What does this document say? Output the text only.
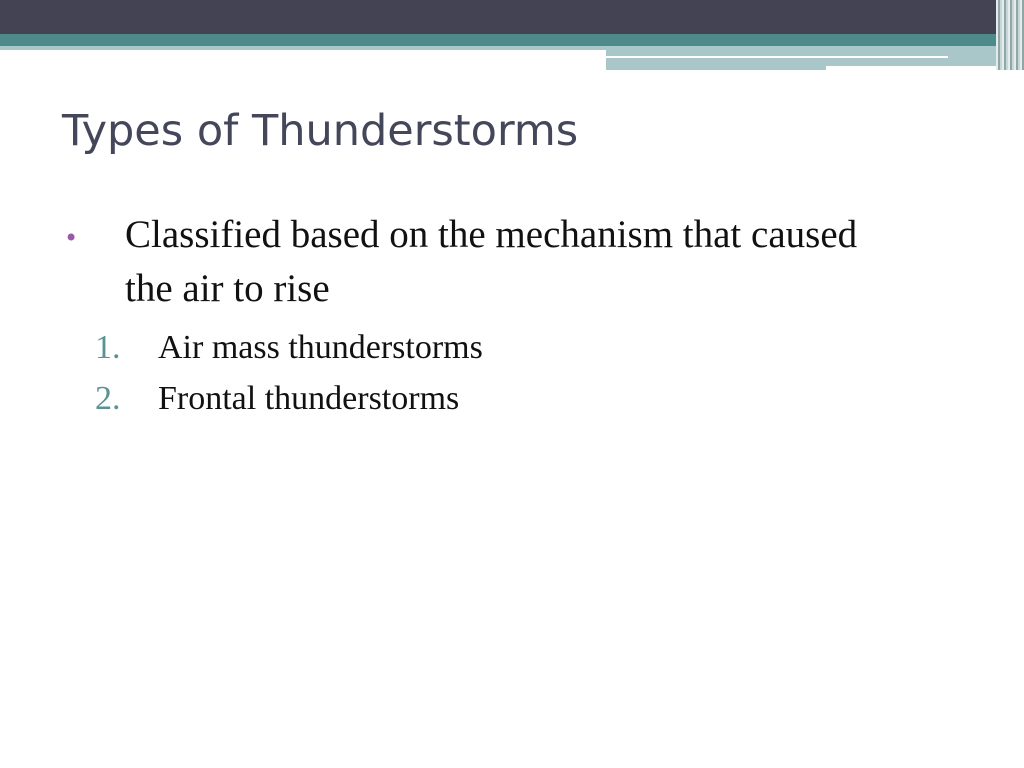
Types of Thunderstorms
• Classified based on the mechanism that caused the air to rise

1. Air mass thunderstorms
2. Frontal thunderstorms
